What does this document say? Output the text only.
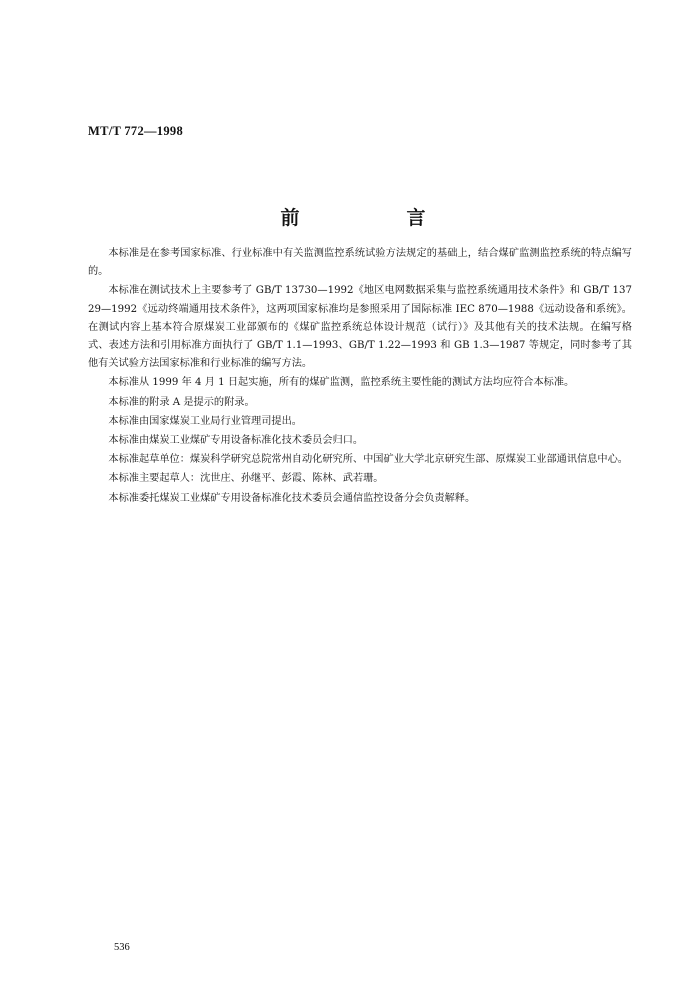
MT/T 772—1998
前　言

本标准是在参考国家标准、行业标准中有关监测监控系统试验方法规定的基础上，结合煤矿监测监控系统的特点编写的。

本标准在测试技术上主要参考了 GB/T 13730—1992《地区电网数据采集与监控系统通用技术条件》和 GB/T 13729—1992《远动终端通用技术条件》，这两项国家标准均是参照采用了国际标准 IEC 870—1988《远动设备和系统》。在测试内容上基本符合原煤炭工业部颁布的《煤矿监控系统总体设计规范（试行）》及其他有关的技术法规。在编写格式、表述方法和引用标准方面执行了 GB/T 1.1—1993、GB/T 1.22—1993 和 GB 1.3—1987 等规定，同时参考了其他有关试验方法国家标准和行业标准的编写方法。

本标准从 1999 年 4 月 1 日起实施，所有的煤矿监测，监控系统主要性能的测试方法均应符合本标准。

本标准的附录 A 是提示的附录。

本标准由国家煤炭工业局行业管理司提出。

本标准由煤炭工业煤矿专用设备标准化技术委员会归口。

本标准起草单位：煤炭科学研究总院常州自动化研究所、中国矿业大学北京研究生部、原煤炭工业部通讯信息中心。

本标准主要起草人：沈世庄、孙继平、彭霞、陈林、武若珊。

本标准委托煤炭工业煤矿专用设备标准化技术委员会通信监控设备分会负责解释。

536
